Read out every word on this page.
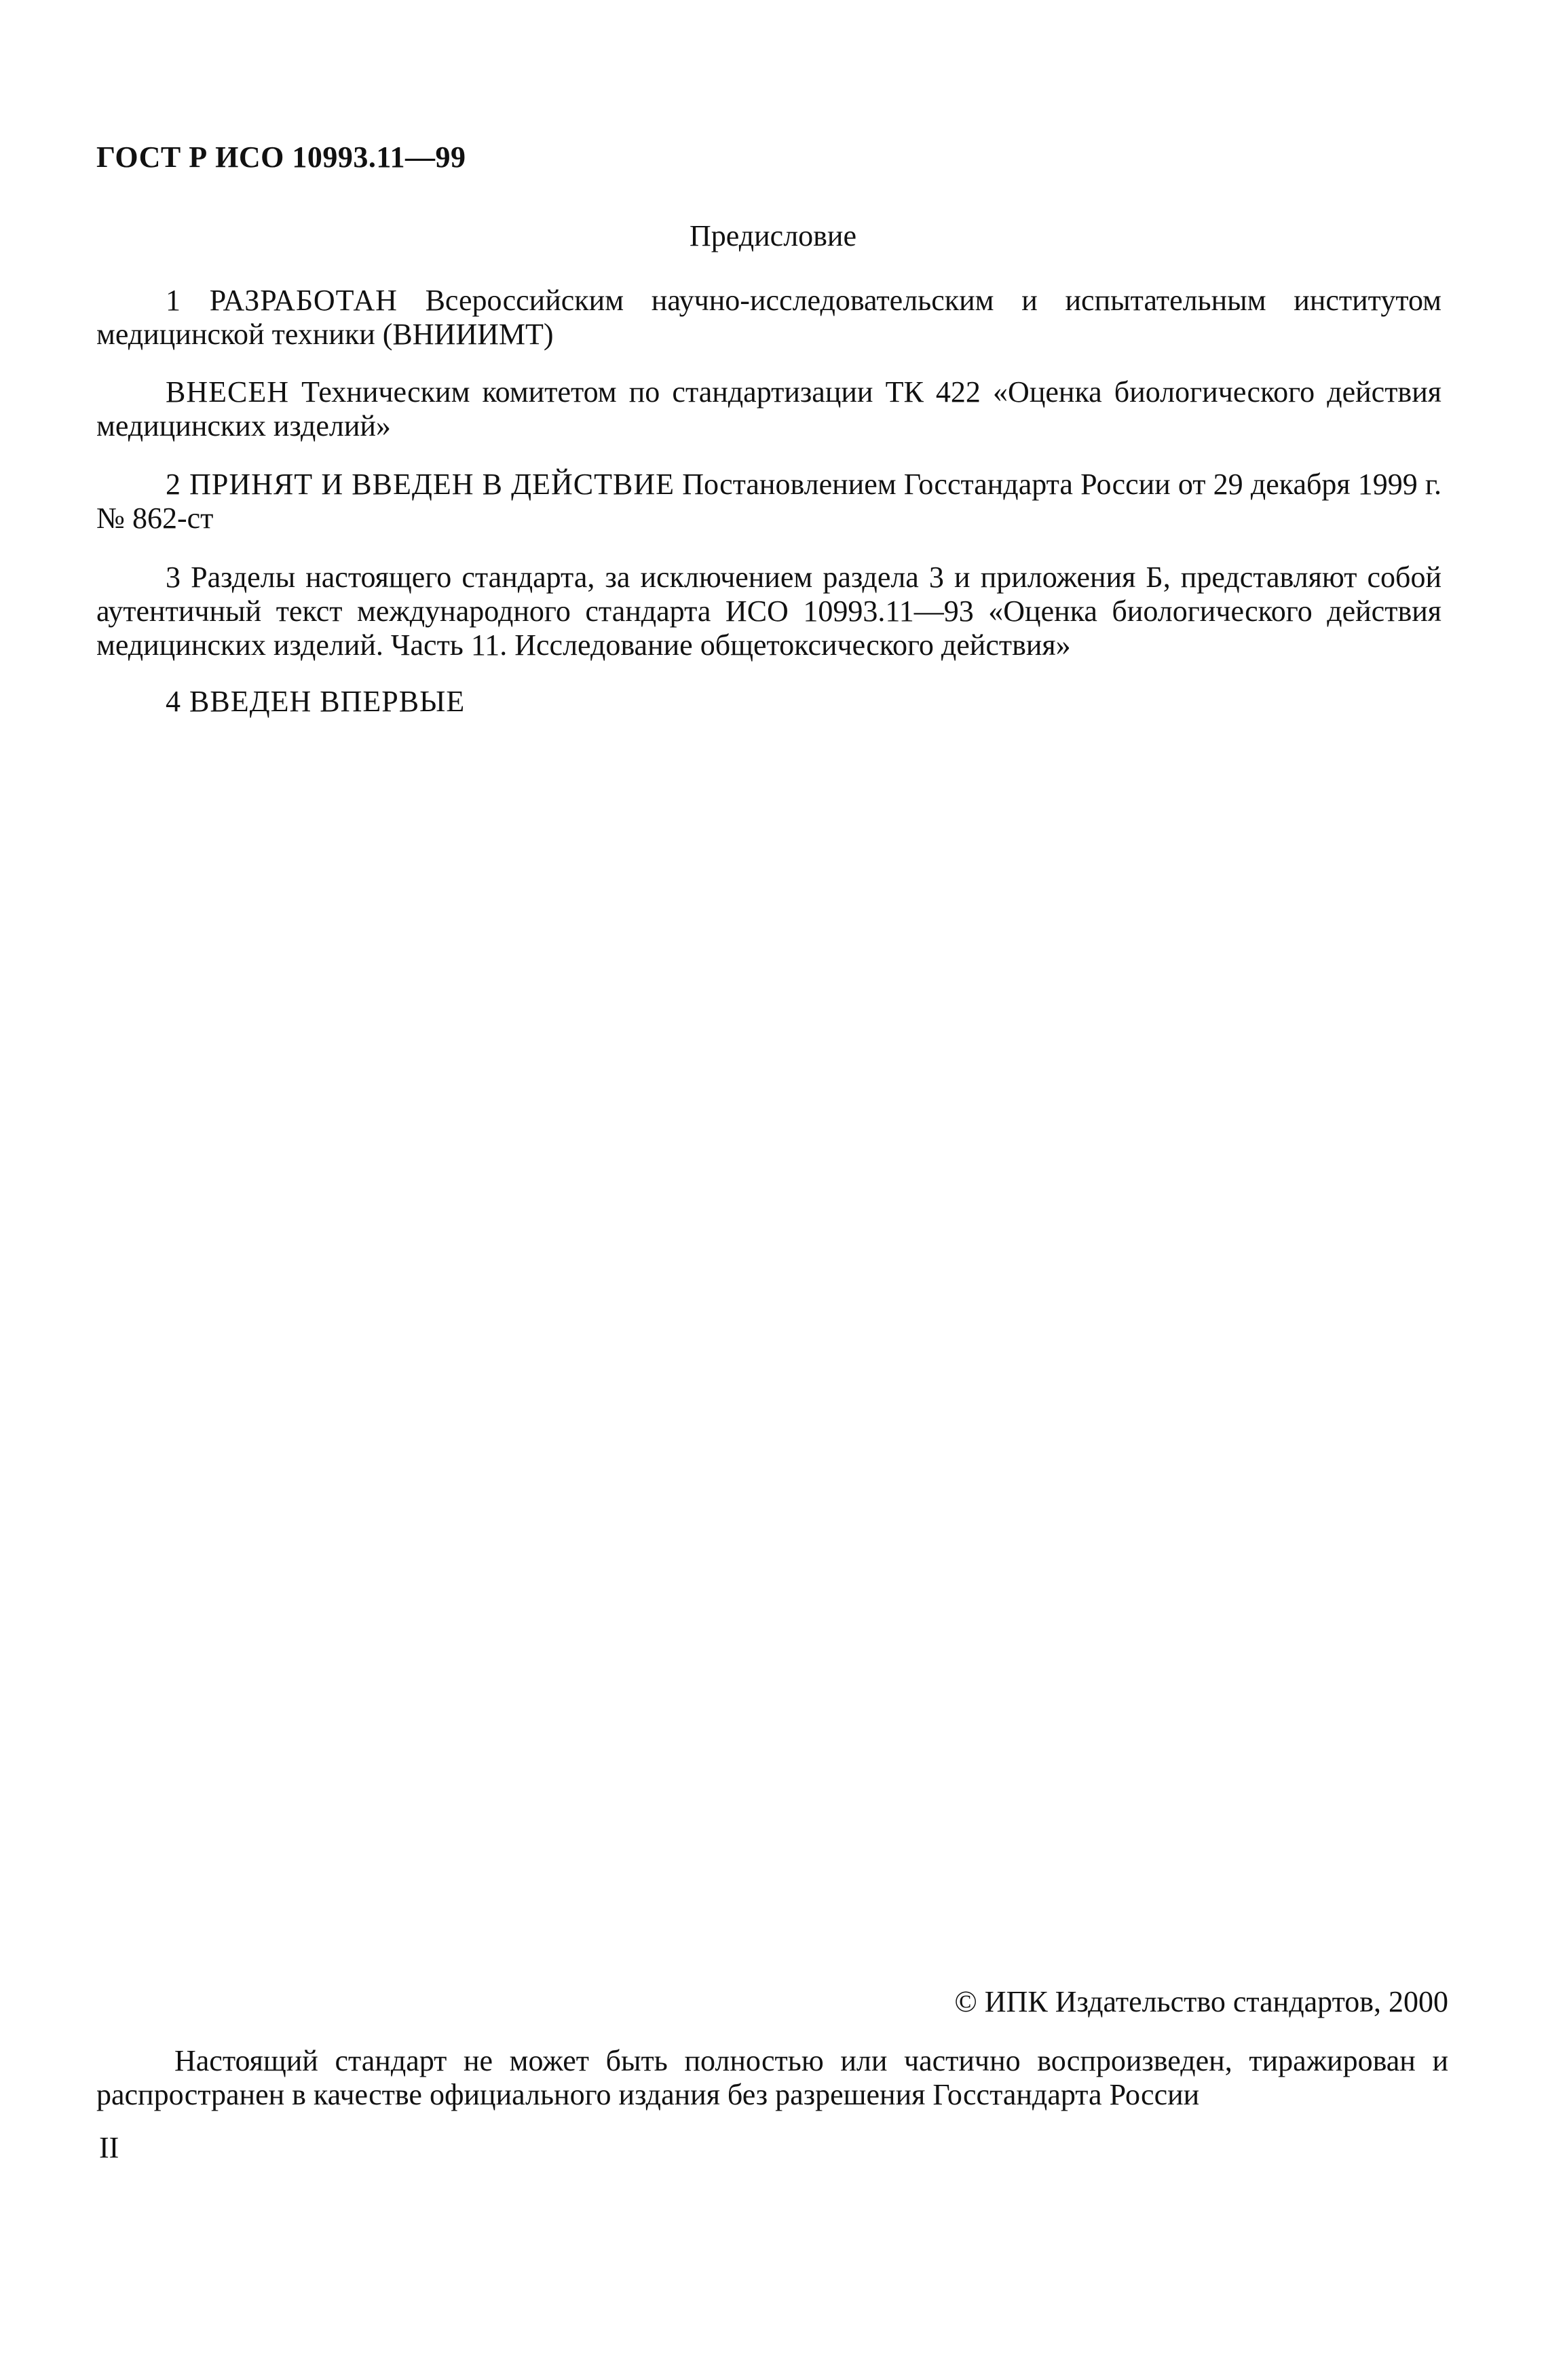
ГОСТ Р ИСО 10993.11—99
Предисловие
1 РАЗРАБОТАН Всероссийским научно-исследовательским и испытательным институтом медицинской техники (ВНИИИМТ)
ВНЕСЕН Техническим комитетом по стандартизации ТК 422 «Оценка биологического действия медицинских изделий»
2 ПРИНЯТ И ВВЕДЕН В ДЕЙСТВИЕ Постановлением Госстандарта России от 29 декабря 1999 г. № 862-ст
3 Разделы настоящего стандарта, за исключением раздела 3 и приложения Б, представляют собой аутентичный текст международного стандарта ИСО 10993.11—93 «Оценка биологического действия медицинских изделий. Часть 11. Исследование общетоксического действия»
4 ВВЕДЕН ВПЕРВЫЕ
© ИПК Издательство стандартов, 2000
Настоящий стандарт не может быть полностью или частично воспроизведен, тиражирован и распространен в качестве официального издания без разрешения Госстандарта России
II
